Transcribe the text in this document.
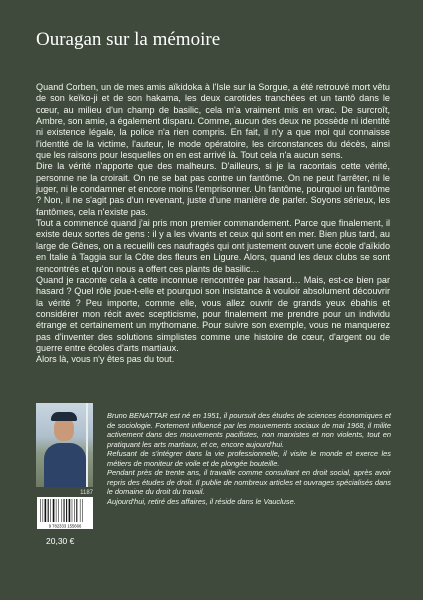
Ouragan sur la mémoire

Quand Corben, un de mes amis aïkidoka à l'Isle sur la Sorgue, a été retrouvé mort vêtu de son keïko-ji et de son hakama, les deux carotides tranchées et un tantô dans le cœur, au milieu d'un champ de basilic, cela m'a vraiment mis en vrac. De surcroît, Ambre, son amie, a également disparu. Comme, aucun des deux ne possède ni identité ni existence légale, la police n'a rien compris. En fait, il n'y a que moi qui connaisse l'identité de la victime, l'auteur, le mode opératoire, les circonstances du décès, ainsi que les raisons pour lesquelles on en est arrivé là. Tout cela n'a aucun sens.

Dire la vérité n'apporte que des malheurs. D'ailleurs, si je la racontais cette vérité, personne ne la croirait. On ne se bat pas contre un fantôme. On ne peut l'arrêter, ni le juger, ni le condamner et encore moins l'emprisonner. Un fantôme, pourquoi un fantôme ? Non, il ne s'agit pas d'un revenant, juste d'une manière de parler. Soyons sérieux, les fantômes, cela n'existe pas.

Tout a commencé quand j'ai pris mon premier commandement. Parce que finalement, il existe deux sortes de gens : il y a les vivants et ceux qui sont en mer. Bien plus tard, au large de Gênes, on a recueilli ces naufragés qui ont justement ouvert une école d'aïkido en Italie à Taggia sur la Côte des fleurs en Ligure. Alors, quand les deux clubs se sont rencontrés et qu'on nous a offert ces plants de basilic…

Quand je raconte cela à cette inconnue rencontrée par hasard… Mais, est-ce bien par hasard ? Quel rôle joue-t-elle et pourquoi son insistance à vouloir absolument découvrir la vérité ? Peu importe, comme elle, vous allez ouvrir de grands yeux ébahis et considérer mon récit avec scepticisme, pour finalement me prendre pour un individu étrange et certainement un mythomane. Pour suivre son exemple, vous ne manquerez pas d'inventer des solutions simplistes comme une histoire de cœur, d'argent ou de guerre entre écoles d'arts martiaux.

Alors là, vous n'y êtes pas du tout.

1187
9 782333 155666
20,30 €

Bruno BENATTAR est né en 1951, il poursuit des études de sciences économiques et de sociologie. Fortement influencé par les mouvements sociaux de mai 1968, il milite activement dans des mouvements pacifistes, non marxistes et non violents, tout en pratiquant les arts martiaux, et ce, encore aujourd'hui.

Refusant de s'intégrer dans la vie professionnelle, il visite le monde et exerce les métiers de moniteur de voile et de plongée bouteille.

Pendant près de trente ans, il travaille comme consultant en droit social, après avoir repris des études de droit. Il publie de nombreux articles et ouvrages spécialisés dans le domaine du droit du travail.

Aujourd'hui, retiré des affaires, il réside dans le Vaucluse.
